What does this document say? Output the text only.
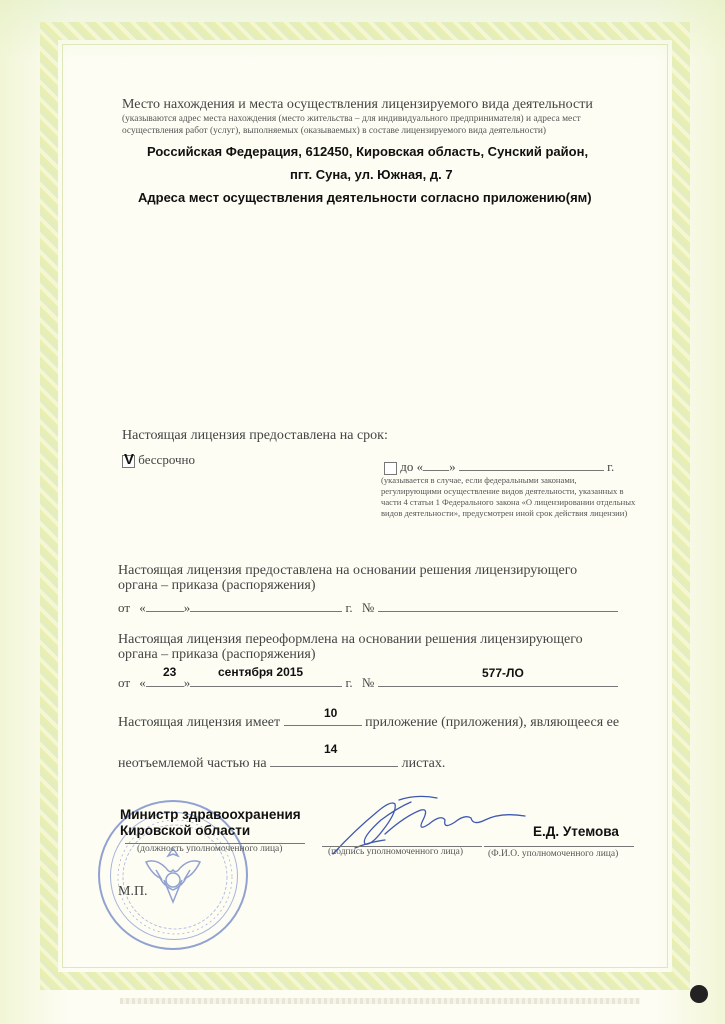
Место нахождения и места осуществления лицензируемого вида деятельности
(указываются адрес места нахождения (место жительства – для индивидуального предпринимателя) и адреса мест
осуществления работ (услуг), выполняемых (оказываемых) в составе лицензируемого вида деятельности)
Российская Федерация, 612450, Кировская область, Сунский район,
пгт. Суна, ул. Южная, д. 7
Адреса мест осуществления деятельности согласно приложению(ям)
Настоящая лицензия предоставлена на срок:
V бессрочно	до « »	г.
(указывается в случае, если федеральными законами, регулирующими осуществление видов деятельности, указанных в части 4 статьи 1 Федерального закона «О лицензировании отдельных видов деятельности», предусмотрен иной срок действия лицензии)
Настоящая лицензия предоставлена на основании решения лицензирующего
органа – приказа (распоряжения)
от «	»	г. №
Настоящая лицензия переоформлена на основании решения лицензирующего
органа – приказа (распоряжения)
23	сентября 2015	577-ЛО
от «	»	г. №
10
Настоящая лицензия имеет	приложение (приложения), являющееся ее
14
неотъемлемой частью на	листах.
Министр здравоохранения
Кировской области
(должность уполномоченного лица)	(подпись уполномоченного лица)
Е.Д. Утемова
(Ф.И.О. уполномоченного лица)
М.П.
